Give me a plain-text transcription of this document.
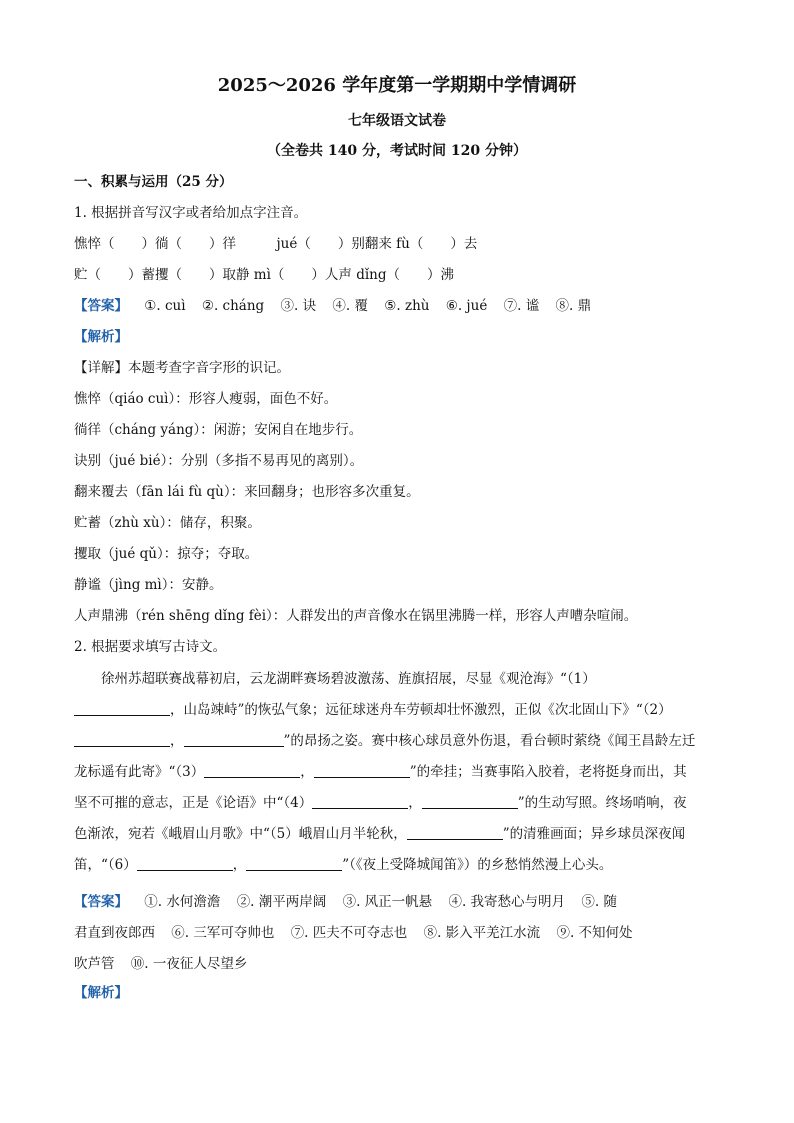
2025～2026 学年度第一学期期中学情调研
七年级语文试卷
（全卷共 140 分，考试时间 120 分钟）
一、积累与运用（25 分）
1. 根据拼音写汉字或者给加点字注音。
憔悴（　　）徜（　　）徉　　　jué（　　）别翻来 fù（　　）去
贮（　　）蓄攫（　　）取静 mì（　　）人声 dǐng（　　）沸
【答案】 ①. cuì ②. cháng ③. 诀 ④. 覆 ⑤. zhù ⑥. jué ⑦. 谧 ⑧. 鼎
【解析】
【详解】本题考查字音字形的识记。
憔悴（qiáo cuì）：形容人瘦弱，面色不好。
徜徉（cháng yáng）：闲游；安闲自在地步行。
诀别（jué bié）：分别（多指不易再见的离别）。
翻来覆去（fān lái fù qù）：来回翻身；也形容多次重复。
贮蓄（zhù xù）：储存，积聚。
攫取（jué qǔ）：掠夺；夺取。
静谧（jìng mì）：安静。
人声鼎沸（rén shēng dǐng fèi）：人群发出的声音像水在锅里沸腾一样，形容人声嘈杂喧闹。
2. 根据要求填写古诗文。
徐州苏超联赛战幕初启，云龙湖畔赛场碧波激荡、旌旗招展，尽显《观沧海》“（1）
，山岛竦峙”的恢弘气象；远征球迷舟车劳顿却壮怀激烈，正似《次北固山下》“（2）
，	”的昂扬之姿。赛中核心球员意外伤退，看台顿时萦绕《闻王昌龄左迁
龙标遥有此寄》“（3）	，	”的牵挂；当赛事陷入胶着，老将挺身而出，其
坚不可摧的意志，正是《论语》中“（4）	，	”的生动写照。终场哨响，夜
色渐浓，宛若《峨眉山月歌》中“（5）峨眉山月半轮秋，	”的清雅画面；异乡球员深夜闻
笛，“（6）	，	”（《夜上受降城闻笛》）的乡愁悄然漫上心头。
【答案】 ①. 水何澹澹 ②. 潮平两岸阔 ③. 风正一帆悬 ④. 我寄愁心与明月 ⑤. 随
君直到夜郎西 ⑥. 三军可夺帅也 ⑦. 匹夫不可夺志也 ⑧. 影入平羌江水流 ⑨. 不知何处
吹芦管 ⑩. 一夜征人尽望乡
【解析】
